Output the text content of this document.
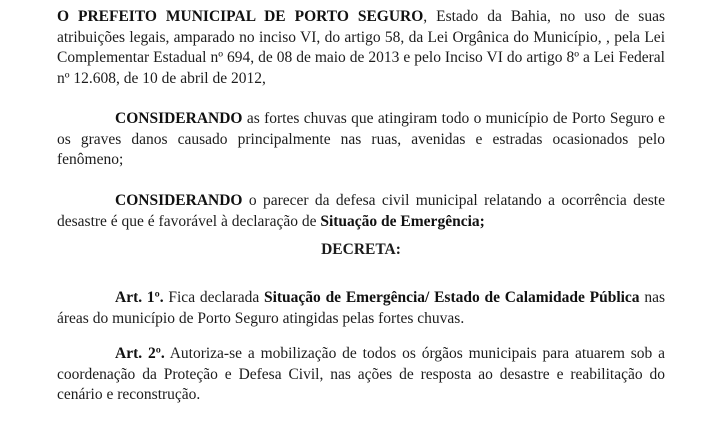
O PREFEITO MUNICIPAL DE PORTO SEGURO, Estado da Bahia, no uso de suas atribuições legais, amparado no inciso VI, do artigo 58, da Lei Orgânica do Município, , pela Lei Complementar Estadual nº 694, de 08 de maio de 2013 e pelo Inciso VI do artigo 8º a Lei Federal nº 12.608, de 10 de abril de 2012,

CONSIDERANDO as fortes chuvas que atingiram todo o município de Porto Seguro e os graves danos causado principalmente nas ruas, avenidas e estradas ocasionados pelo fenômeno;

CONSIDERANDO o parecer da defesa civil municipal relatando a ocorrência deste desastre é que é favorável à declaração de Situação de Emergência;

DECRETA:

Art. 1º. Fica declarada Situação de Emergência/ Estado de Calamidade Pública nas áreas do município de Porto Seguro atingidas pelas fortes chuvas.

Art. 2º. Autoriza-se a mobilização de todos os órgãos municipais para atuarem sob a coordenação da Proteção e Defesa Civil, nas ações de resposta ao desastre e reabilitação do cenário e reconstrução.
